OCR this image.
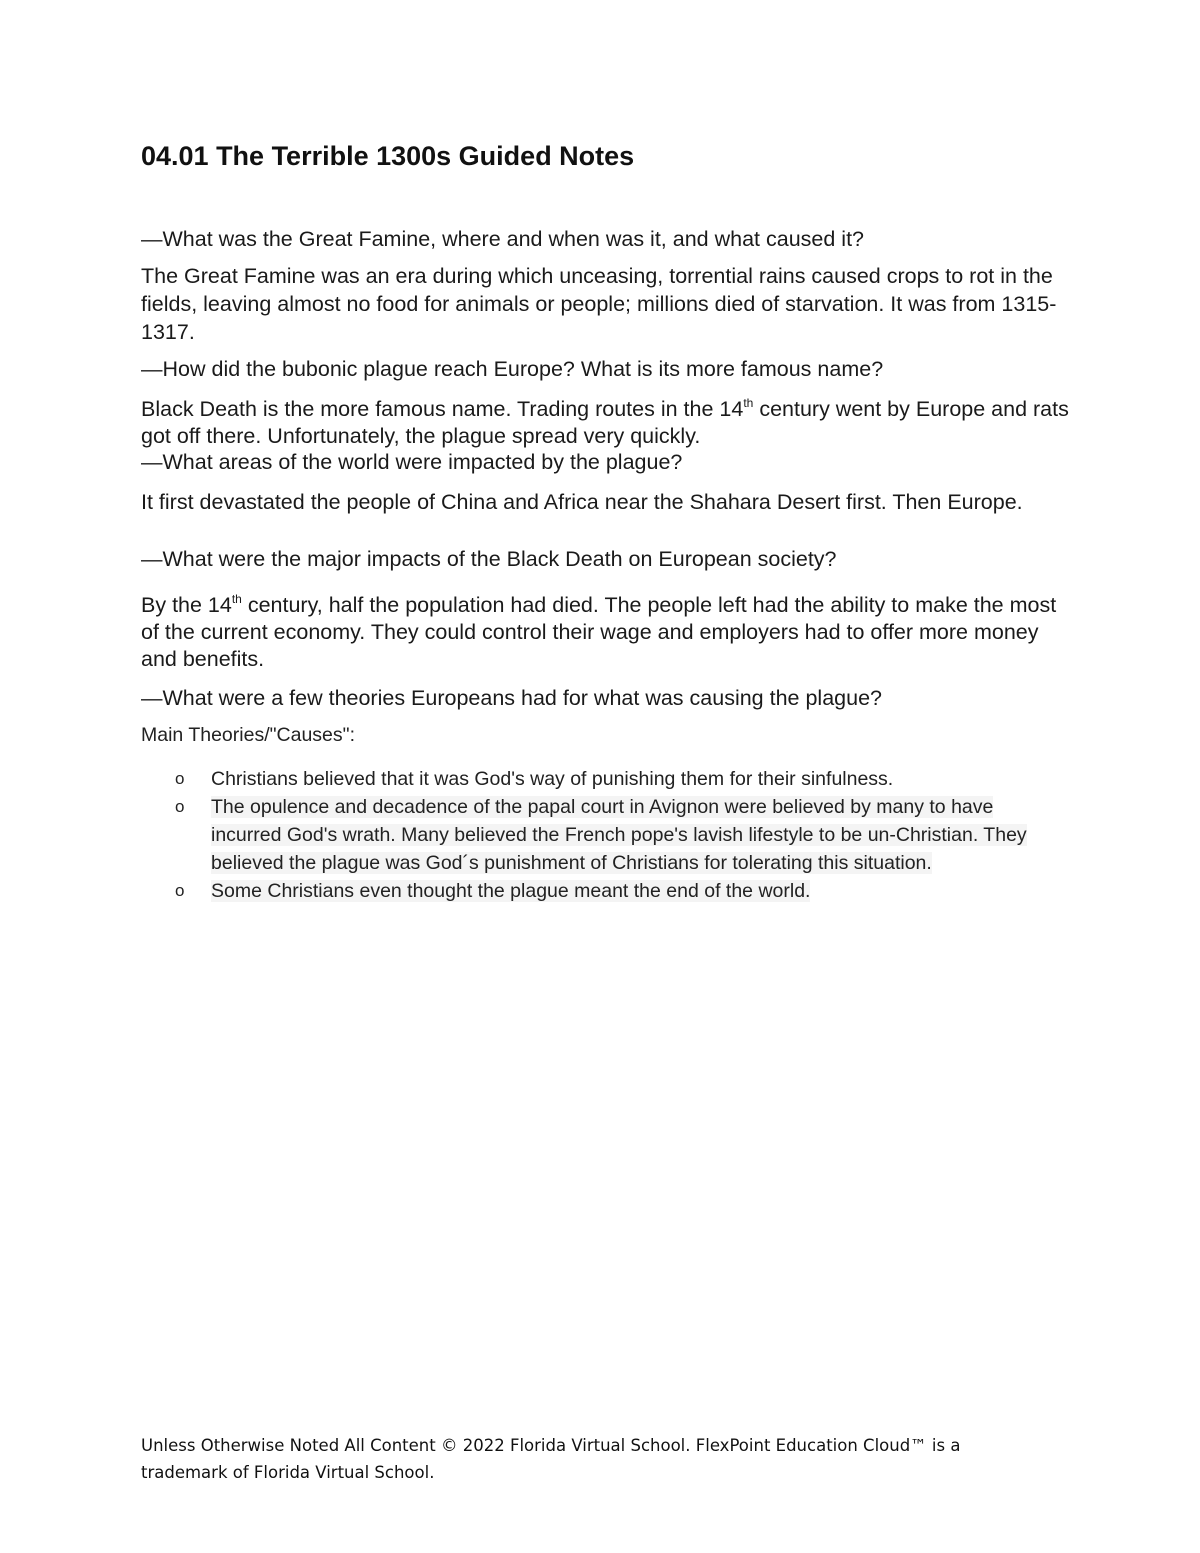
04.01 The Terrible 1300s Guided Notes

—What was the Great Famine, where and when was it, and what caused it?

The Great Famine was an era during which unceasing, torrential rains caused crops to rot in the fields, leaving almost no food for animals or people; millions died of starvation. It was from 1315-1317.

—How did the bubonic plague reach Europe? What is its more famous name?

Black Death is the more famous name. Trading routes in the 14th century went by Europe and rats got off there. Unfortunately, the plague spread very quickly.

—What areas of the world were impacted by the plague?

It first devastated the people of China and Africa near the Shahara Desert first. Then Europe.

—What were the major impacts of the Black Death on European society?

By the 14th century, half the population had died. The people left had the ability to make the most of the current economy. They could control their wage and employers had to offer more money and benefits.

—What were a few theories Europeans had for what was causing the plague?

Main Theories/"Causes":
o Christians believed that it was God's way of punishing them for their sinfulness.
o The opulence and decadence of the papal court in Avignon were believed by many to have incurred God's wrath. Many believed the French pope's lavish lifestyle to be un-Christian. They believed the plague was God´s punishment of Christians for tolerating this situation.
o Some Christians even thought the plague meant the end of the world.
Unless Otherwise Noted All Content © 2022 Florida Virtual School. FlexPoint Education Cloud™ is a trademark of Florida Virtual School.
